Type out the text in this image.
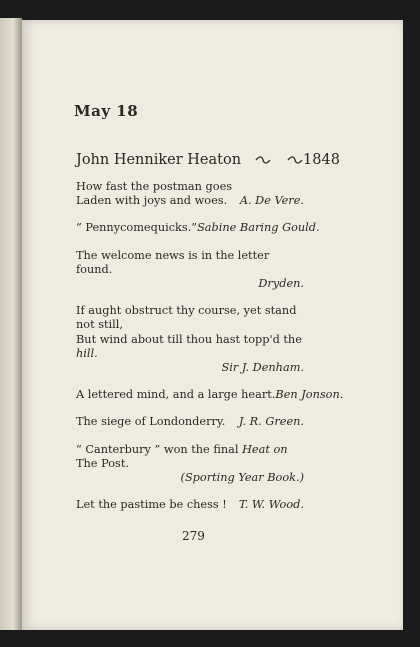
May 18
John Henniker Heaton	1848
How fast the postman goes
Laden with joys and woes. A. De Vere.
“ Pennycomequicks.” Sabine Baring Gould.
The welcome news is in the letter found.
Dryden.
If aught obstruct thy course, yet stand not still,
But wind about till thou hast topp'd the hill.
Sir J. Denham.
A lettered mind, and a large heart. Ben Jonson.
The siege of Londonderry. J. R. Green.
“ Canterbury ” won the final Heat on The Post.
(Sporting Year Book.)
Let the pastime be chess ! T. W. Wood.
279
